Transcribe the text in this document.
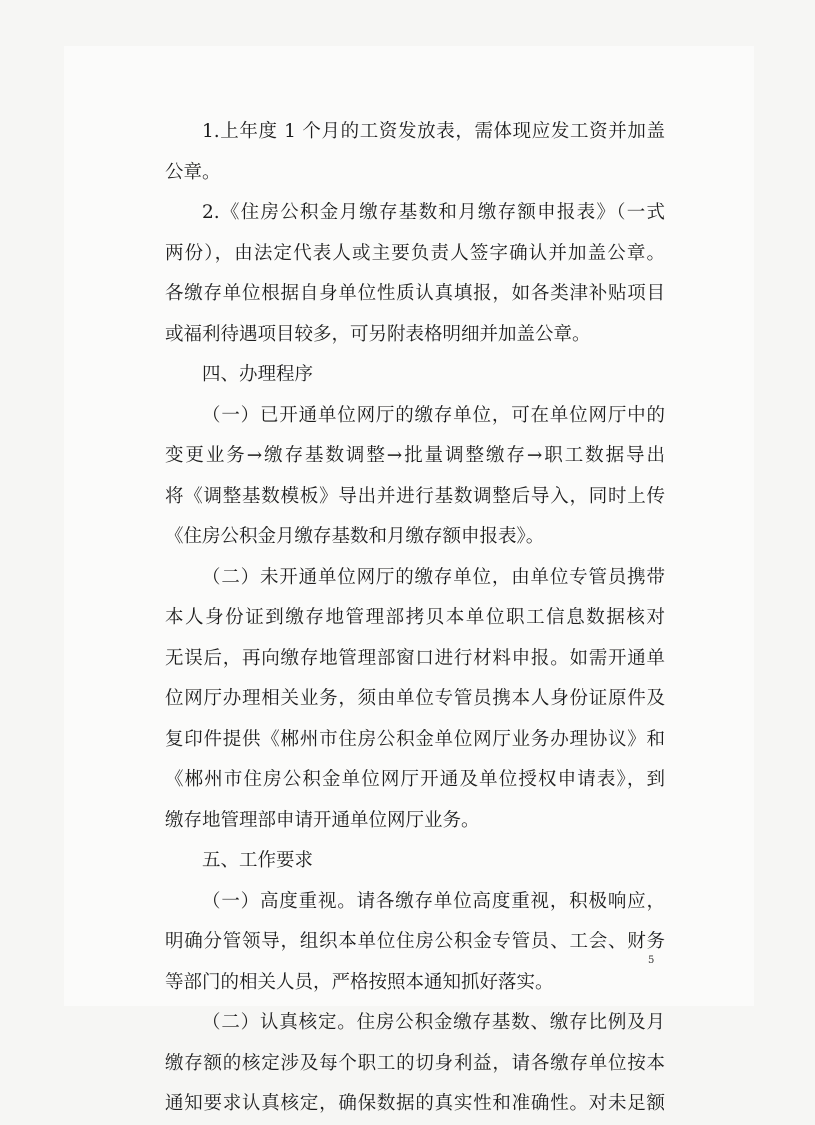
1.上年度 1 个月的工资发放表，需体现应发工资并加盖
公章。
2.《住房公积金月缴存基数和月缴存额申报表》（一式
两份），由法定代表人或主要负责人签字确认并加盖公章。
各缴存单位根据自身单位性质认真填报，如各类津补贴项目
或福利待遇项目较多，可另附表格明细并加盖公章。
四、办理程序
（一）已开通单位网厅的缴存单位，可在单位网厅中的
变更业务→缴存基数调整→批量调整缴存→职工数据导出
将《调整基数模板》导出并进行基数调整后导入，同时上传
《住房公积金月缴存基数和月缴存额申报表》。
（二）未开通单位网厅的缴存单位，由单位专管员携带
本人身份证到缴存地管理部拷贝本单位职工信息数据核对
无误后，再向缴存地管理部窗口进行材料申报。如需开通单
位网厅办理相关业务，须由单位专管员携本人身份证原件及
复印件提供《郴州市住房公积金单位网厅业务办理协议》和
《郴州市住房公积金单位网厅开通及单位授权申请表》，到
缴存地管理部申请开通单位网厅业务。
五、工作要求
（一）高度重视。请各缴存单位高度重视，积极响应，
明确分管领导，组织本单位住房公积金专管员、工会、财务
等部门的相关人员，严格按照本通知抓好落实。
（二）认真核定。住房公积金缴存基数、缴存比例及月
缴存额的核定涉及每个职工的切身利益，请各缴存单位按本
通知要求认真核定，确保数据的真实性和准确性。对未足额
5
